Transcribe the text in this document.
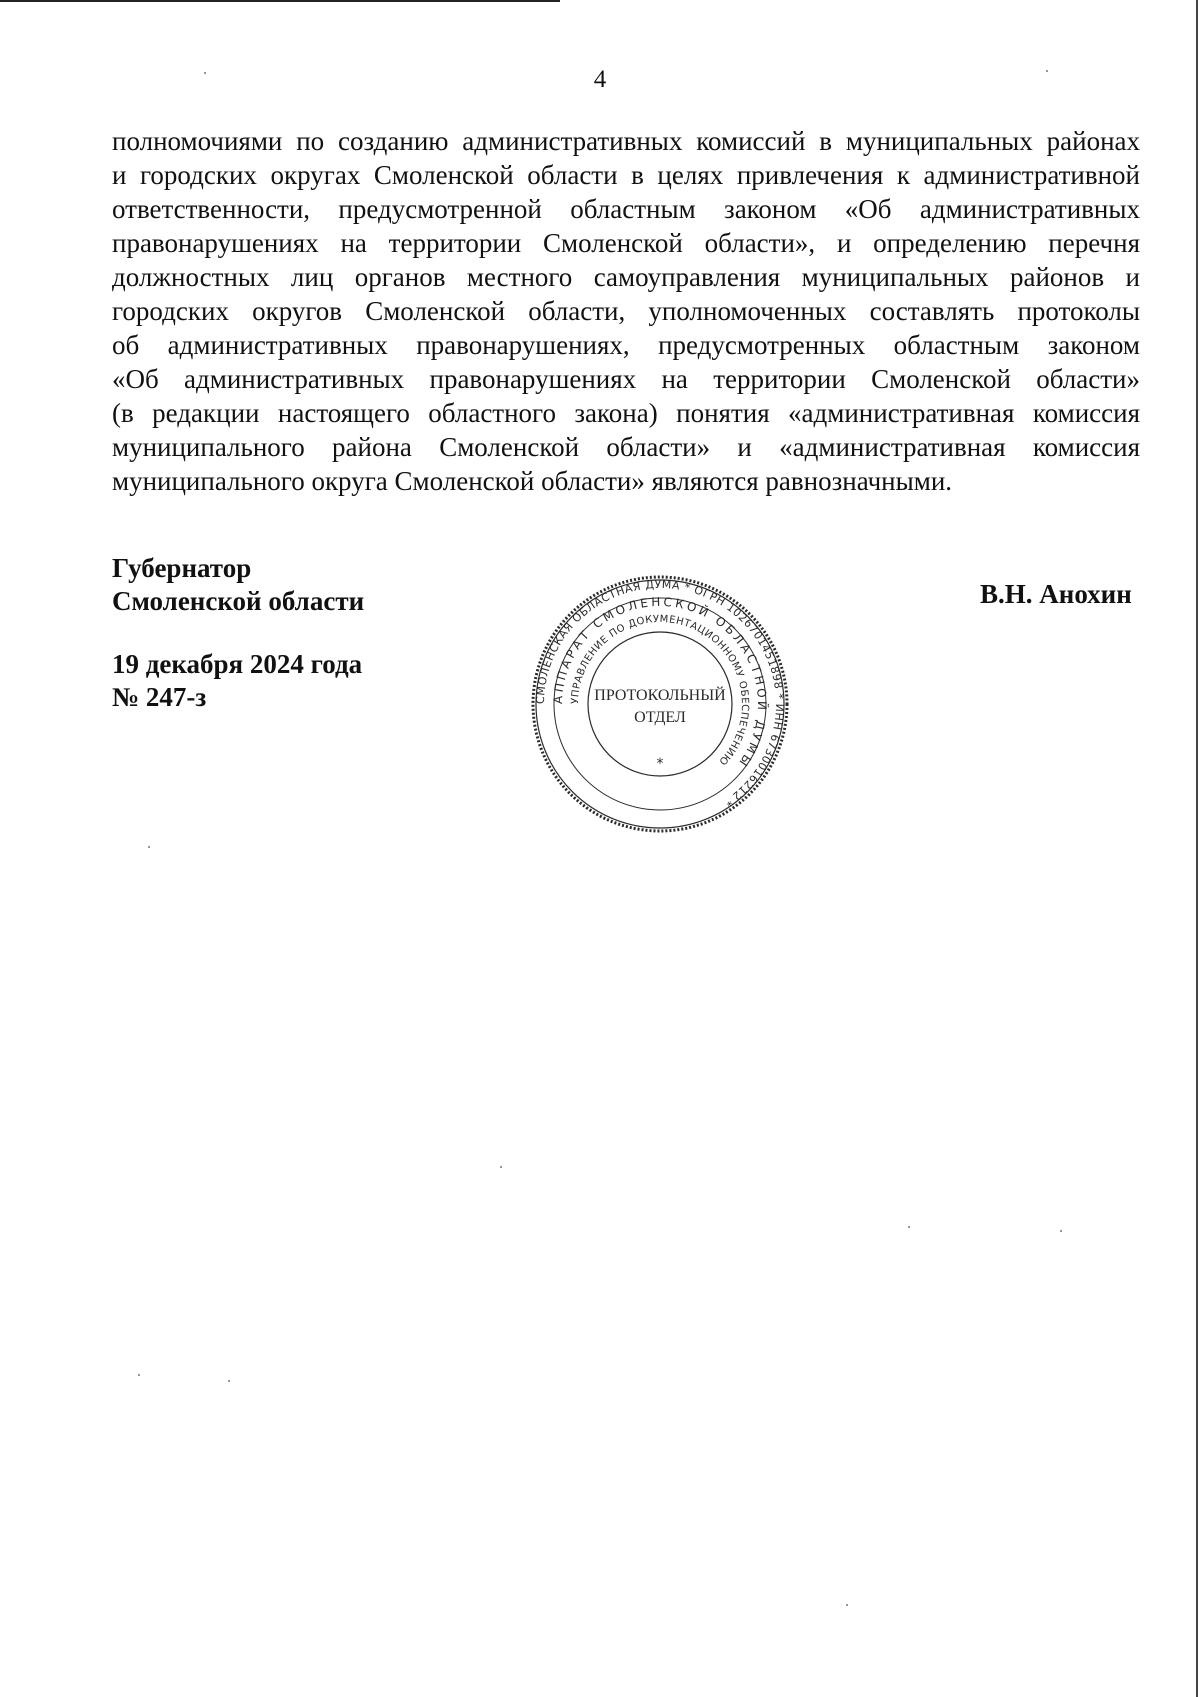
4

полномочиями по созданию административных комиссий в муниципальных районах
и городских округах Смоленской области в целях привлечения к административной
ответственности, предусмотренной областным законом «Об административных
правонарушениях на территории Смоленской области», и определению перечня
должностных лиц органов местного самоуправления муниципальных районов и
городских округов Смоленской области, уполномоченных составлять протоколы
об административных правонарушениях, предусмотренных областным законом
«Об административных правонарушениях на территории Смоленской области»
(в редакции настоящего областного закона) понятия «административная комиссия
муниципального района Смоленской области» и «административная комиссия
муниципального округа Смоленской области» являются равнозначными.

Губернатор
Смоленской области	В.Н. Анохин
19 декабря 2024 года
№ 247-з	СМОЛЕНСКАЯ ОБЛАСТНАЯ ДУМА * ОГРН 1026701451898 * ИНН 6730016212 *
АППАРАТ СМОЛЕНСКОЙ ОБЛАСТНОЙ ДУМЫ
УПРАВЛЕНИЕ ПО ДОКУМЕНТАЦИОННОМУ ОБЕСПЕЧЕНИЮ
ПРОТОКОЛЬНЫЙ
ОТДЕЛ
*
